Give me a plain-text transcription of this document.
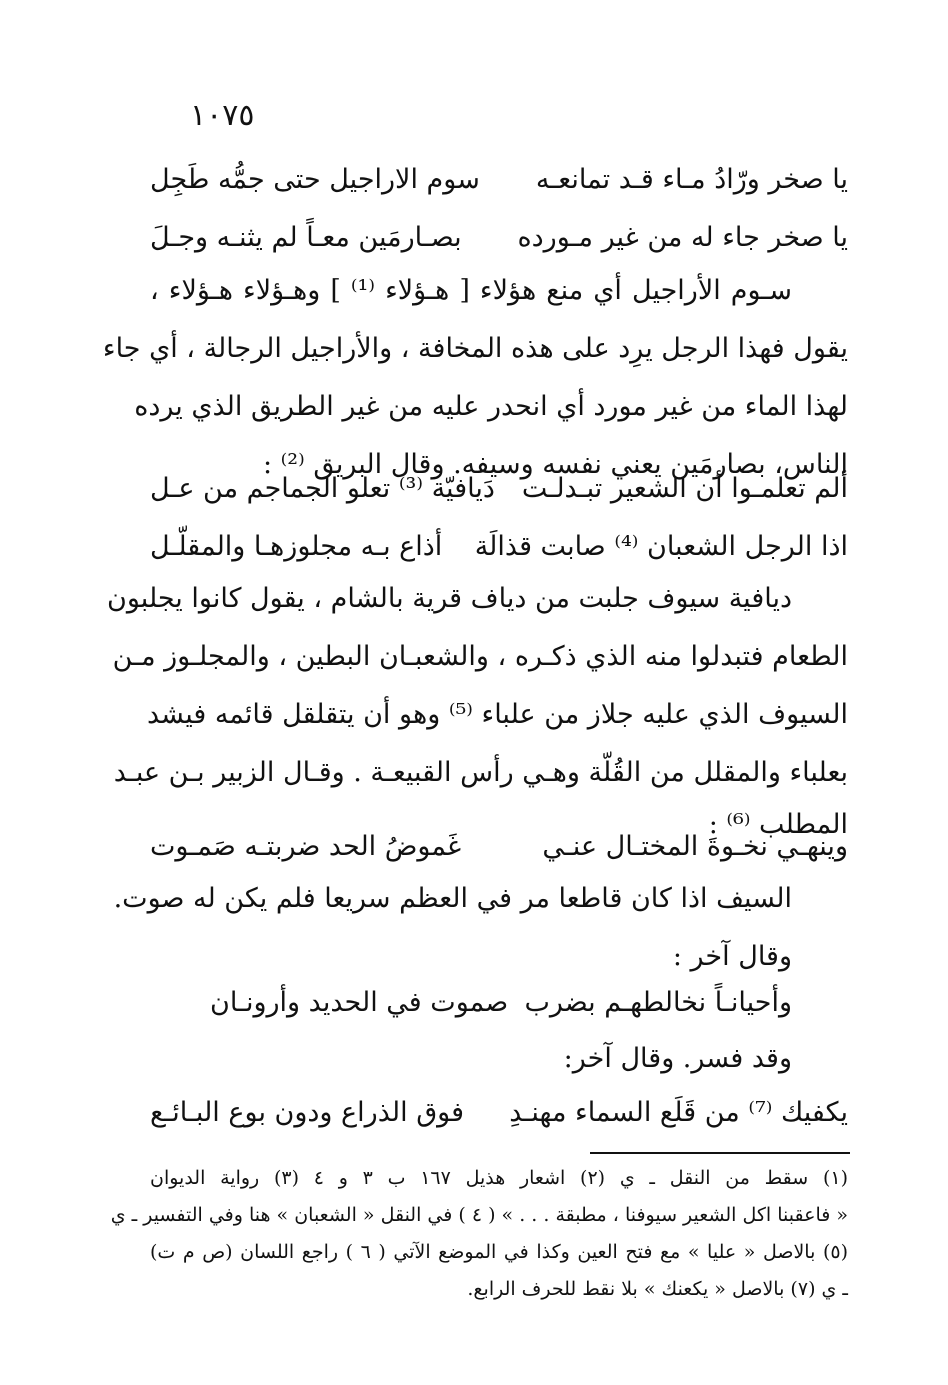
١٠٧٥
يا صخر ورّادُ مـاء قـد تمانعـه
سوم الاراجيل حتى جمُّه طَجِل
يا صخر جاء له من غير مـورده
بصـارمَين معـاً لم يثنـه وجـلَ
سـوم الأراجيل أي منع هؤلاء [ هـؤلاء ⁽¹⁾ ] وهـؤلاء هـؤلاء ،
يقول فهذا الرجل يرِد على هذه المخافة ، والأراجيل الرجالة ، أي جاء
لهذا الماء من غير مورد أي انحدر عليه من غير الطريق الذي يرده
الناس، بصارمَين يعني نفسه وسيفه. وقال البريق ⁽²⁾ :
ألم تعلمـوا أن الشعير تبـدلـت
دَيافيّة ⁽³⁾ تعلو الجماجم من عـل
اذا الرجل الشعبان ⁽⁴⁾ صابت قذالَة
أذاع بـه مجلوزهـا والمقلّـل
ديافية سيوف جلبت من دياف قرية بالشام ، يقول كانوا يجلبون
الطعام فتبدلوا منه الذي ذكـره ، والشعبـان البطين ، والمجلـوز مـن
السيوف الذي عليه جلاز من علباء ⁽⁵⁾ وهو أن يتقلقل قائمه فيشد
بعلباء والمقلل من القُلّة وهـي رأس القبيعـة . وقـال الزبير بـن عبـد
المطلب ⁽⁶⁾ :
وينهـي نخـوةَ المختـال عنـي
غَموضُ الحد ضربتـه صَمـوت
السيف اذا كان قاطعا مر في العظم سريعا فلم يكن له صوت.
وقال آخر :
وأحيانـاً نخالطهـم بضرب
صموت في الحديد وأرونـان
وقد فسر. وقال آخر:
يكفيك ⁽⁷⁾ من قَلَع السماء مهنـدِ
فوق الذراع ودون بوع البـائـع
(١) سقط من النقل ـ ي (٢) اشعار هذيل ١٦٧ ب ٣ و ٤ (٣) رواية الديوان
« فاعقبنا اكل الشعير سيوفنا ، مطبقة . . . » ( ٤ ) في النقل « الشعبان » هنا وفي التفسير ـ ي
(٥) بالاصل « عليا » مع فتح العين وكذا في الموضع الآتي ( ٦ ) راجع اللسان (ص م ت)
ـ ي (٧) بالاصل « يكعنك » بلا نقط للحرف الرابع.
